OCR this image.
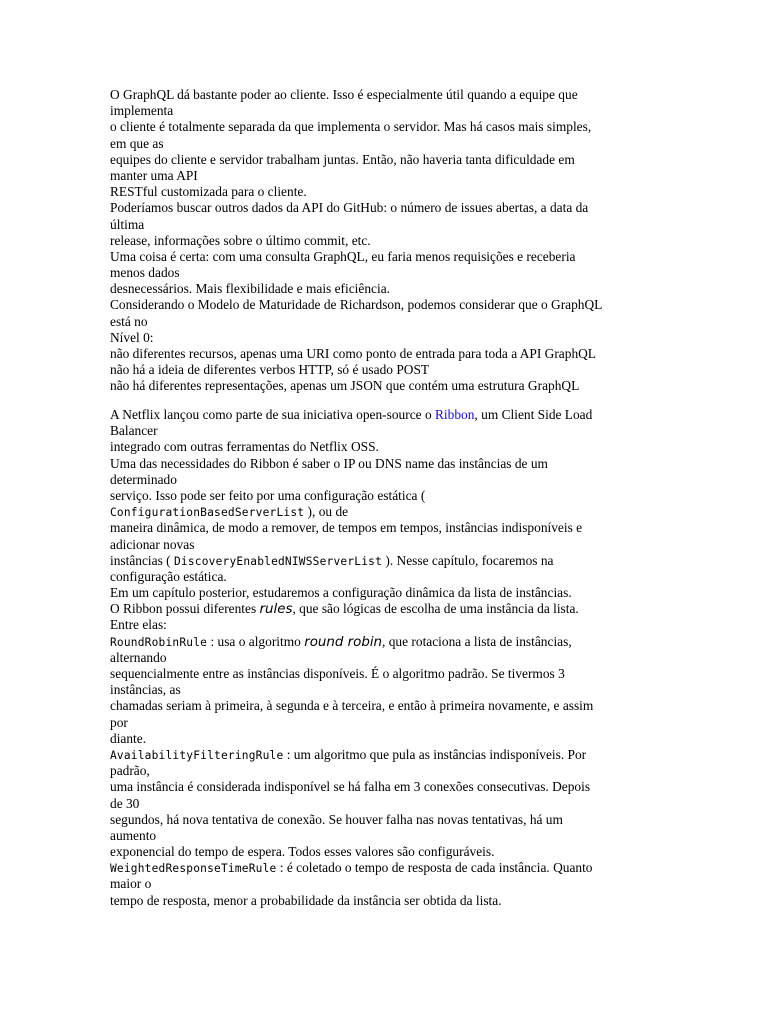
O GraphQL dá bastante poder ao cliente. Isso é especialmente útil quando a equipe que
implementa
o cliente é totalmente separada da que implementa o servidor. Mas há casos mais simples,
em que as
equipes do cliente e servidor trabalham juntas. Então, não haveria tanta dificuldade em
manter uma API
RESTful customizada para o cliente.
Poderíamos buscar outros dados da API do GitHub: o número de issues abertas, a data da
última
release, informações sobre o último commit, etc.
Uma coisa é certa: com uma consulta GraphQL, eu faria menos requisições e receberia
menos dados
desnecessários. Mais flexibilidade e mais eficiência.
Considerando o Modelo de Maturidade de Richardson, podemos considerar que o GraphQL
está no
Nível 0:
não diferentes recursos, apenas uma URI como ponto de entrada para toda a API GraphQL
não há a ideia de diferentes verbos HTTP, só é usado POST
não há diferentes representações, apenas um JSON que contém uma estrutura GraphQL
A Netflix lançou como parte de sua iniciativa open-source o Ribbon, um Client Side Load
Balancer
integrado com outras ferramentas do Netflix OSS.
Uma das necessidades do Ribbon é saber o IP ou DNS name das instâncias de um
determinado
serviço. Isso pode ser feito por uma configuração estática (
ConfigurationBasedServerList ), ou de
maneira dinâmica, de modo a remover, de tempos em tempos, instâncias indisponíveis e
adicionar novas
instâncias ( DiscoveryEnabledNIWSServerList ). Nesse capítulo, focaremos na
configuração estática.
Em um capítulo posterior, estudaremos a configuração dinâmica da lista de instâncias.
O Ribbon possui diferentes rules, que são lógicas de escolha de uma instância da lista.
Entre elas:
RoundRobinRule : usa o algoritmo round robin, que rotaciona a lista de instâncias,
alternando
sequencialmente entre as instâncias disponíveis. É o algoritmo padrão. Se tivermos 3
instâncias, as
chamadas seriam à primeira, à segunda e à terceira, e então à primeira novamente, e assim
por
diante.
AvailabilityFilteringRule : um algoritmo que pula as instâncias indisponíveis. Por
padrão,
uma instância é considerada indisponível se há falha em 3 conexões consecutivas. Depois
de 30
segundos, há nova tentativa de conexão. Se houver falha nas novas tentativas, há um
aumento
exponencial do tempo de espera. Todos esses valores são configuráveis.
WeightedResponseTimeRule : é coletado o tempo de resposta de cada instância. Quanto
maior o
tempo de resposta, menor a probabilidade da instância ser obtida da lista.
